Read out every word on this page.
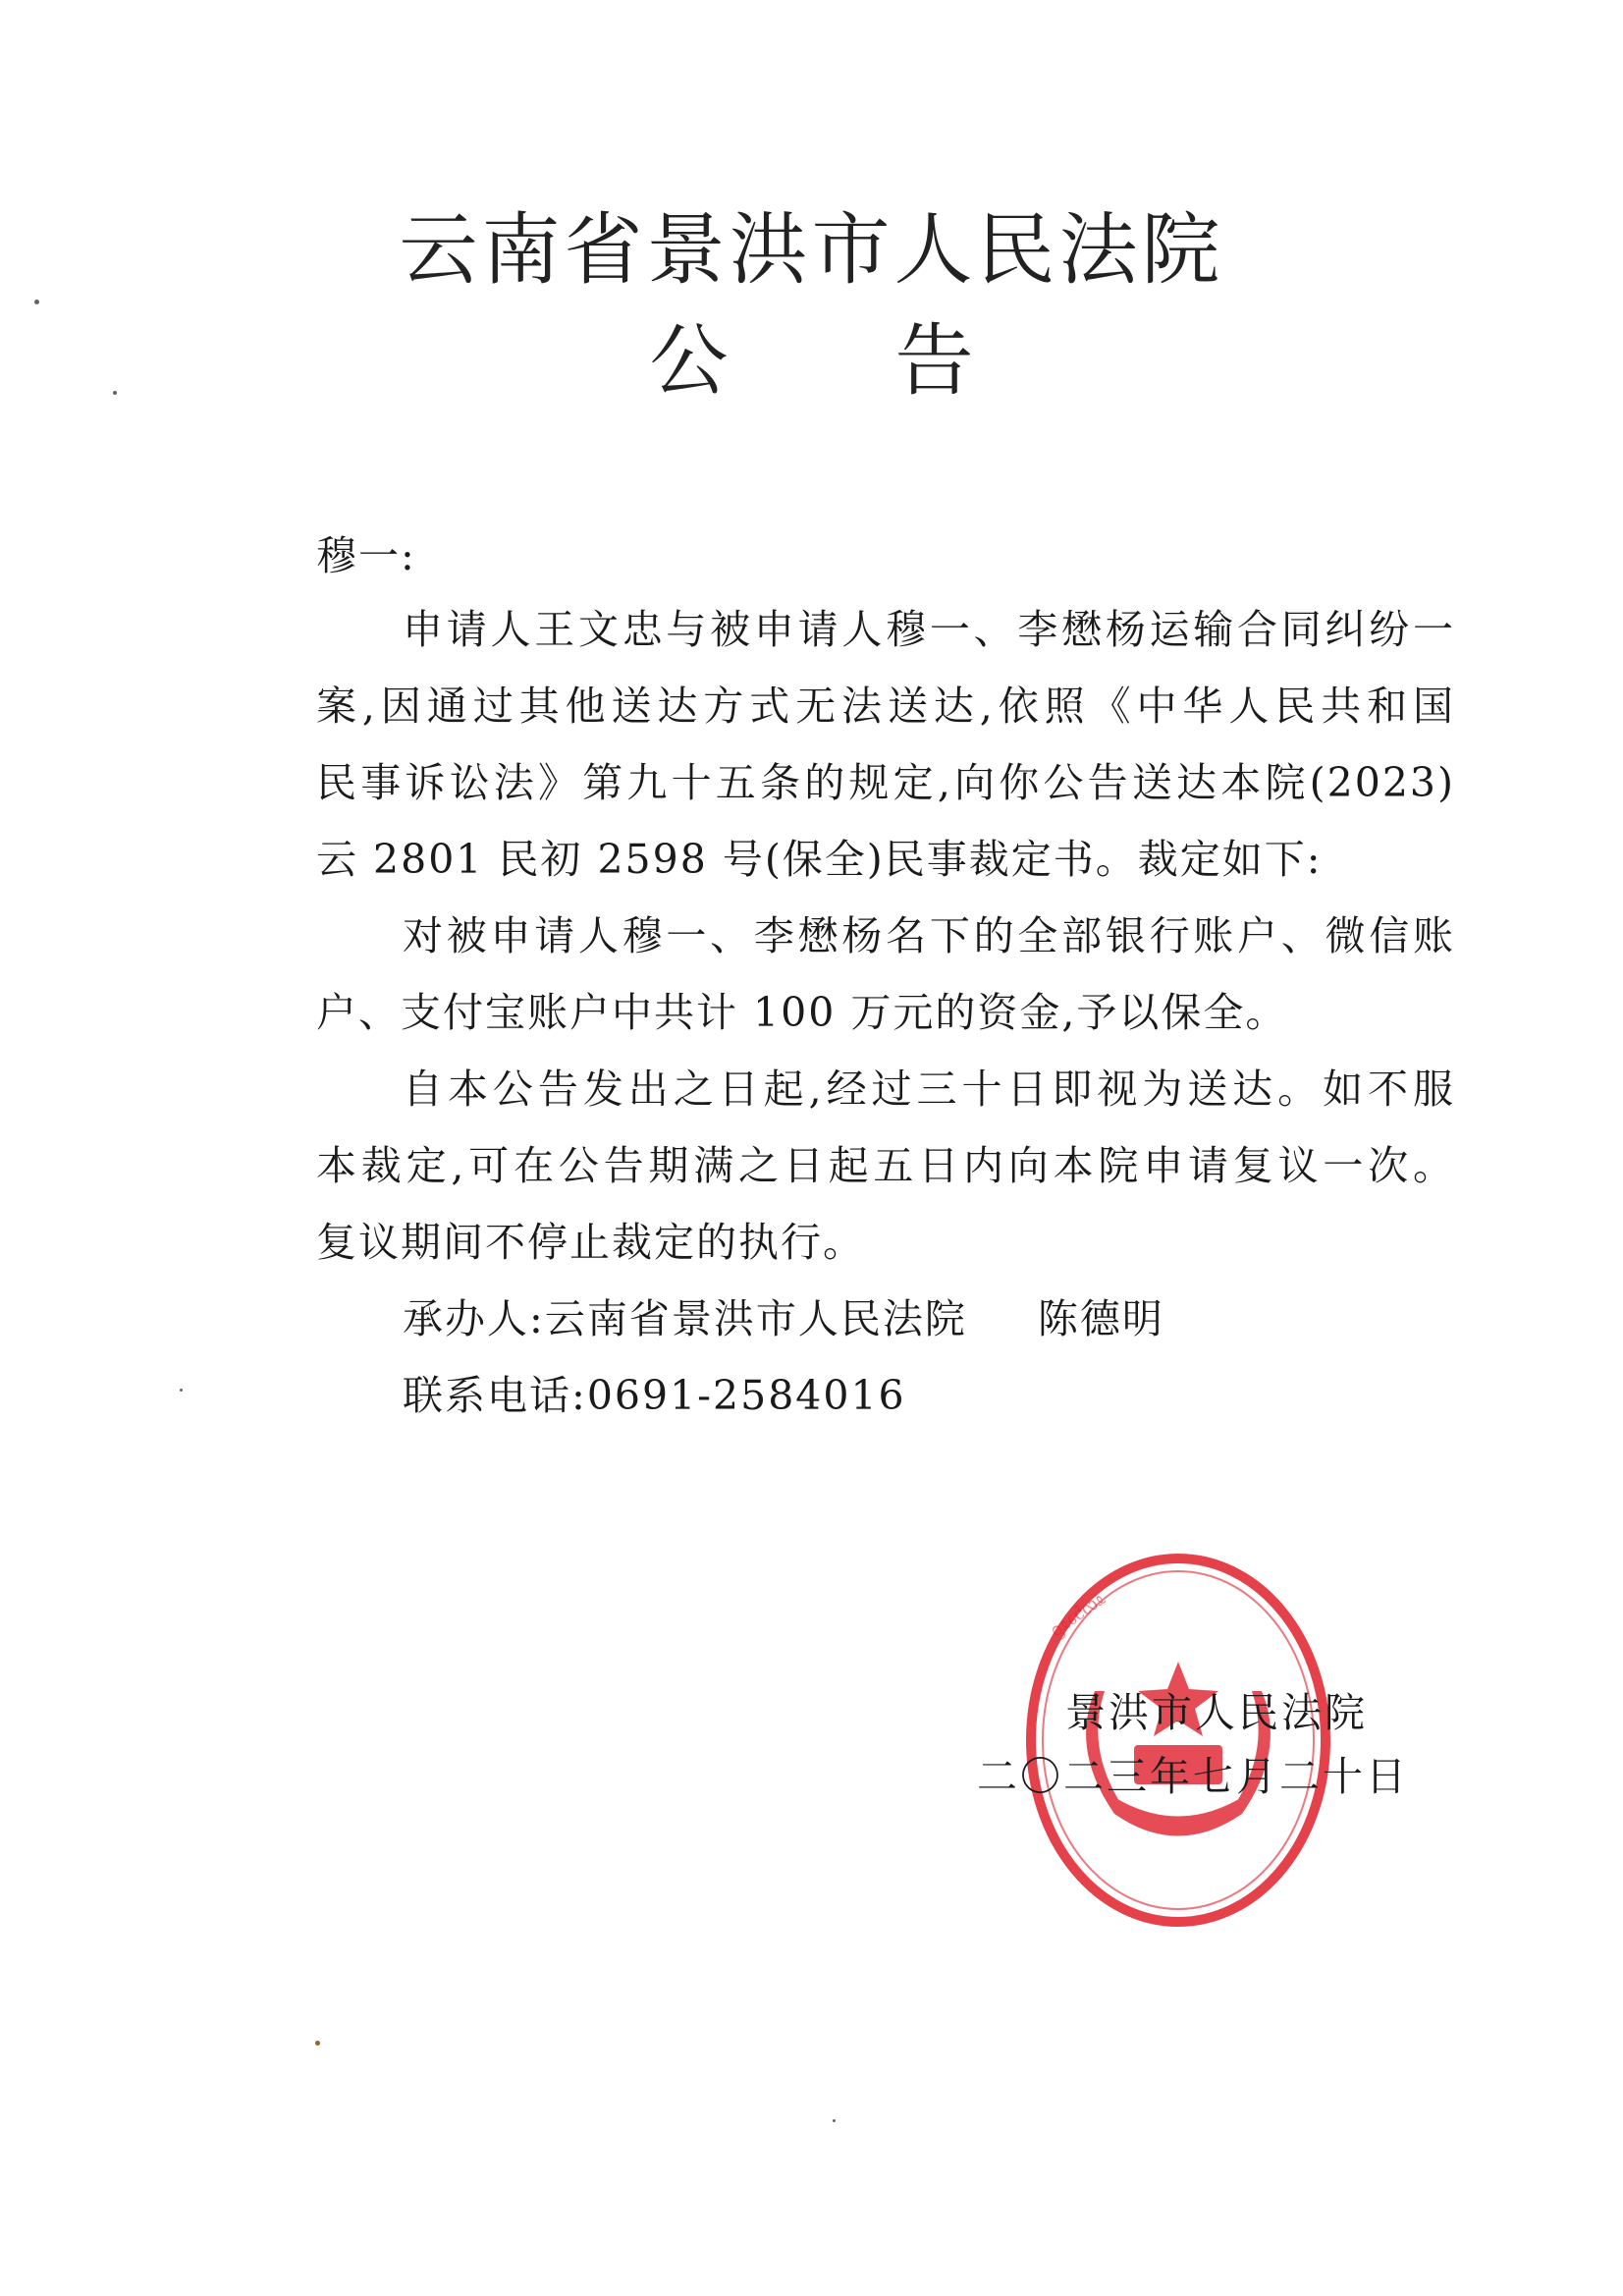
云南省景洪市人民法院
公 告
穆一:
申请人王文忠与被申请人穆一、李懋杨运输合同纠纷一
案,因通过其他送达方式无法送达,依照《中华人民共和国
民事诉讼法》第九十五条的规定,向你公告送达本院(2023)
云 2801 民初 2598 号(保全)民事裁定书。裁定如下:
对被申请人穆一、李懋杨名下的全部银行账户、微信账
户、支付宝账户中共计 100 万元的资金,予以保全。
自本公告发出之日起,经过三十日即视为送达。如不服
本裁定,可在公告期满之日起五日内向本院申请复议一次。
复议期间不停止裁定的执行。
承办人:云南省景洪市人民法院 陈德明
联系电话:0691-2584016
ᦋᦸᧈᦺᦟᦸ
景洪市人民法院
二〇二三年七月二十日
